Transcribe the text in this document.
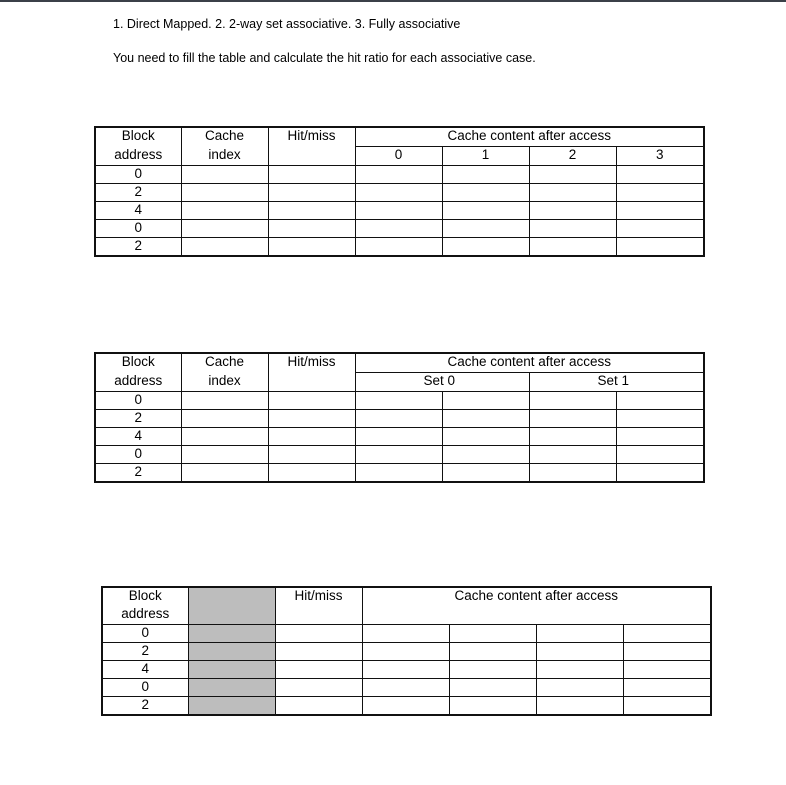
1. Direct Mapped. 2. 2-way set associative. 3. Fully associative
You need to fill the table and calculate the hit ratio for each associative case.
Block	Cache	Hit/miss	Cache content after access			
address	index		0	1	2	3
0						
2						
4						
0						
2						
Block	Cache	Hit/miss	Cache content after access			
address	index		Set 0		Set 1	
0						
2						
4						
0						
2						
Block		Hit/miss	Cache content after access			
address						
0						
2						
4						
0						
2						
